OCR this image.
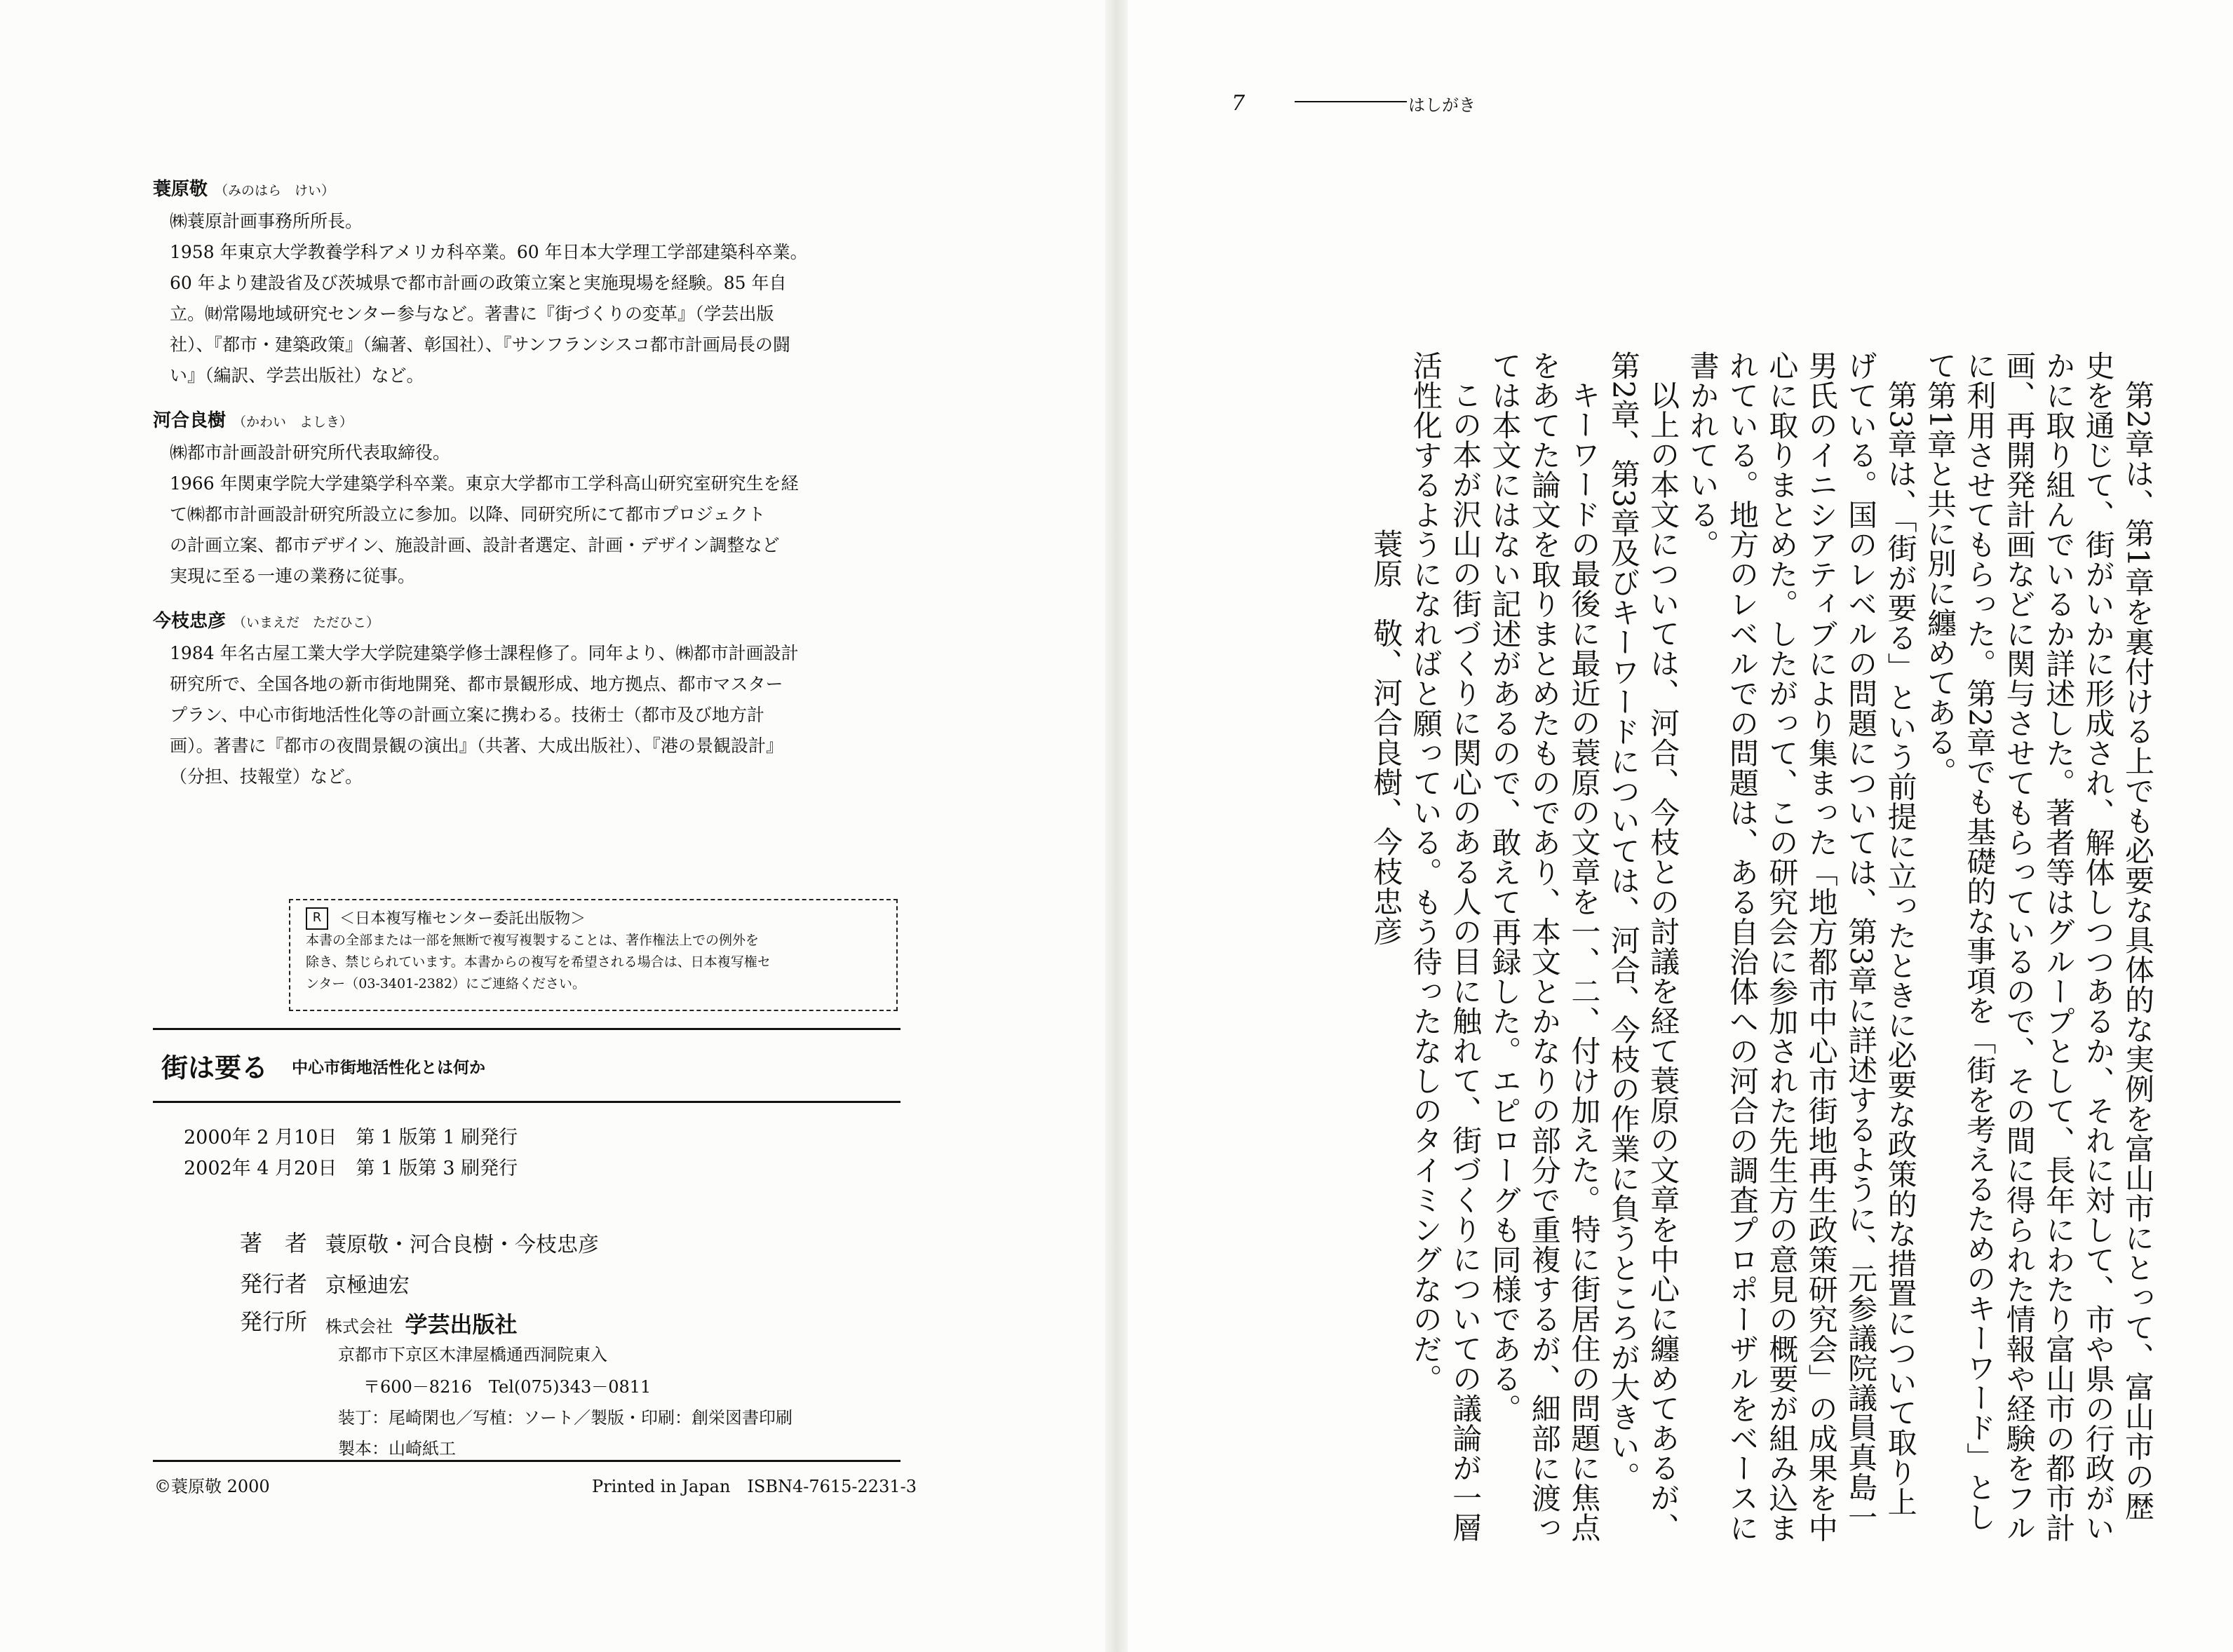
蓑原敬 （みのはら　けい）
㈱蓑原計画事務所所長。
1958 年東京大学教養学科アメリカ科卒業。60 年日本大学理工学部建築科卒業。
60 年より建設省及び茨城県で都市計画の政策立案と実施現場を経験。85 年自
立。㈶常陽地域研究センター参与など。著書に『街づくりの変革』（学芸出版
社）、『都市・建築政策』（編著、彰国社）、『サンフランシスコ都市計画局長の闘
い』（編訳、学芸出版社）など。
河合良樹 （かわい　よしき）
㈱都市計画設計研究所代表取締役。
1966 年関東学院大学建築学科卒業。東京大学都市工学科高山研究室研究生を経
て㈱都市計画設計研究所設立に参加。以降、同研究所にて都市プロジェクト
の計画立案、都市デザイン、施設計画、設計者選定、計画・デザイン調整など
実現に至る一連の業務に従事。
今枝忠彦 （いまえだ　ただひこ）
1984 年名古屋工業大学大学院建築学修士課程修了。同年より、㈱都市計画設計
研究所で、全国各地の新市街地開発、都市景観形成、地方拠点、都市マスター
プラン、中心市街地活性化等の計画立案に携わる。技術士（都市及び地方計
画）。著書に『都市の夜間景観の演出』（共著、大成出版社）、『港の景観設計』
（分担、技報堂）など。
R	＜日本複写権センター委託出版物＞
本書の全部または一部を無断で複写複製することは、著作権法上での例外を
除き、禁じられています。本書からの複写を希望される場合は、日本複写権セ
ンター（03-3401-2382）にご連絡ください。
街は要る 中心市街地活性化とは何か
2000年 2 月10日　第 1 版第 1 刷発行
2002年 4 月20日　第 1 版第 3 刷発行
著　者 蓑原敬・河合良樹・今枝忠彦
発行者 京極迪宏
発行所 株式会社 学芸出版社
京都市下京区木津屋橋通西洞院東入
〒600－8216　Tel(075)343－0811
装丁：尾崎閑也／写植：ソート／製版・印刷：創栄図書印刷
製本：山崎紙工
©蓑原敬 2000	Printed in Japan　ISBN4-7615-2231-3
7	はしがき

第2章は、第1章を裏付ける上でも必要な具体的な実例を富山市にとって、富山市の歴史を通じて、街がいかに形成され、解体しつつあるか、それに対して、市や県の行政がいかに取り組んでいるか詳述した。著者等はグループとして、長年にわたり富山市の都市計画、再開発計画などに関与させてもらっているので、その間に得られた情報や経験をフルに利用させてもらった。第2章でも基礎的な事項を「街を考えるためのキーワード」として第1章と共に別に纏めてある。

第3章は、「街が要る」という前提に立ったときに必要な政策的な措置について取り上げている。国のレベルの問題については、第3章に詳述するように、元参議院議員真島一男氏のイニシアティブにより集まった「地方都市中心市街地再生政策研究会」の成果を中心に取りまとめた。したがって、この研究会に参加された先生方の意見の概要が組み込まれている。地方のレベルでの問題は、ある自治体への河合の調査プロポーザルをベースに書かれている。

以上の本文については、河合、今枝との討議を経て蓑原の文章を中心に纏めてあるが、第2章、第3章及びキーワードについては、河合、今枝の作業に負うところが大きい。

キーワードの最後に最近の蓑原の文章を一、二、付け加えた。特に街居住の問題に焦点をあてた論文を取りまとめたものであり、本文とかなりの部分で重複するが、細部に渡っては本文にはない記述があるので、敢えて再録した。エピローグも同様である。

この本が沢山の街づくりに関心のある人の目に触れて、街づくりについての議論が一層活性化するようになればと願っている。もう待ったなしのタイミングなのだ。

蓑原　敬、河合良樹、今枝忠彦
